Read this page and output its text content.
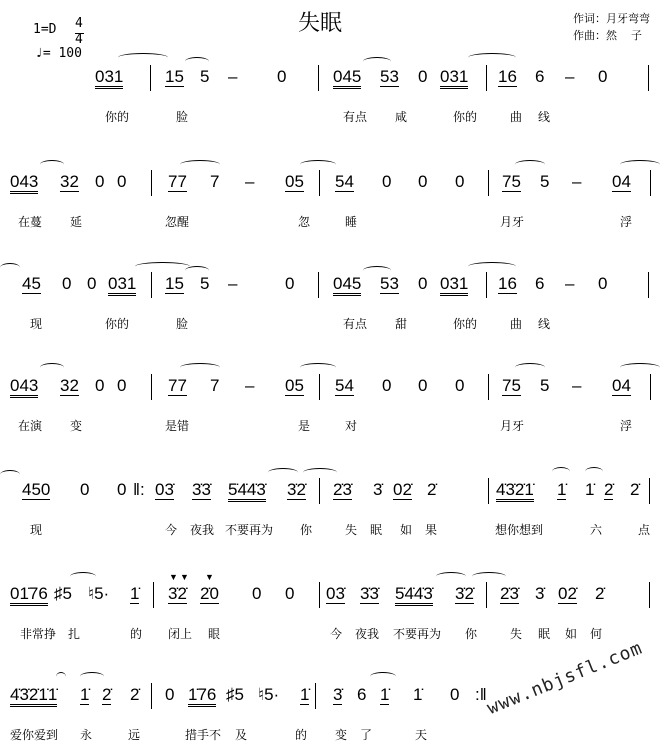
失眠	作词：月牙弯弯
作曲：然    子
1=D 4
4
♩= 100
www.nbjsfl.com
031 15 5 – 0	045 53 0 031 16 6 – 0
你的	脸	有点 咸	你的	曲 线
043 32 0 0 77 7 – 05 54 0 0 0 75 5 – 04
在蔓 延	忽醒	忽	睡	月牙	浮
45 0 0 031 15 5 –	0 045 53 0 031 16 6 – 0
现	你的	脸	有点 甜	你的	曲 线
043 32 0 0 77 7 – 05 54 0 0 0 75 5 – 04
在演 变	是错	是	对	月牙	浮
450 0 0 ‖: 03̇ 3̇3̇ 5̇4̇4̇3̇ 3̇2̇ 2̇3̇ 3̇ 02̇ 2̇	4̇3̇2̇1̇ 1̇ 1̇ 2̇ 2̇
现	今 夜我 不要再为 你	失 眠 如 果	想你想到	六	点
01̇76 ♯5 ♮5· 1̇ 3̇2̇ 2̇0 0 0 03̇ 3̇3̇ 5̇4̇4̇3̇ 3̇2̇ 2̇3̇ 3̇ 02̇ 2̇
非常挣 扎	的 闭上 眼	今 夜我 不要再为 你	失 眠 如 何
4̇3̇2̇1̇1̇ 1̇ 2̇ 2̇ 0 1̇76 ♯5 ♮5· 1̇ 3̇ 6 1̇ 1̇ 0 :‖
爱你爱到 永	远	措手不 及	的 变 了	天
▼ ▼ ▼
